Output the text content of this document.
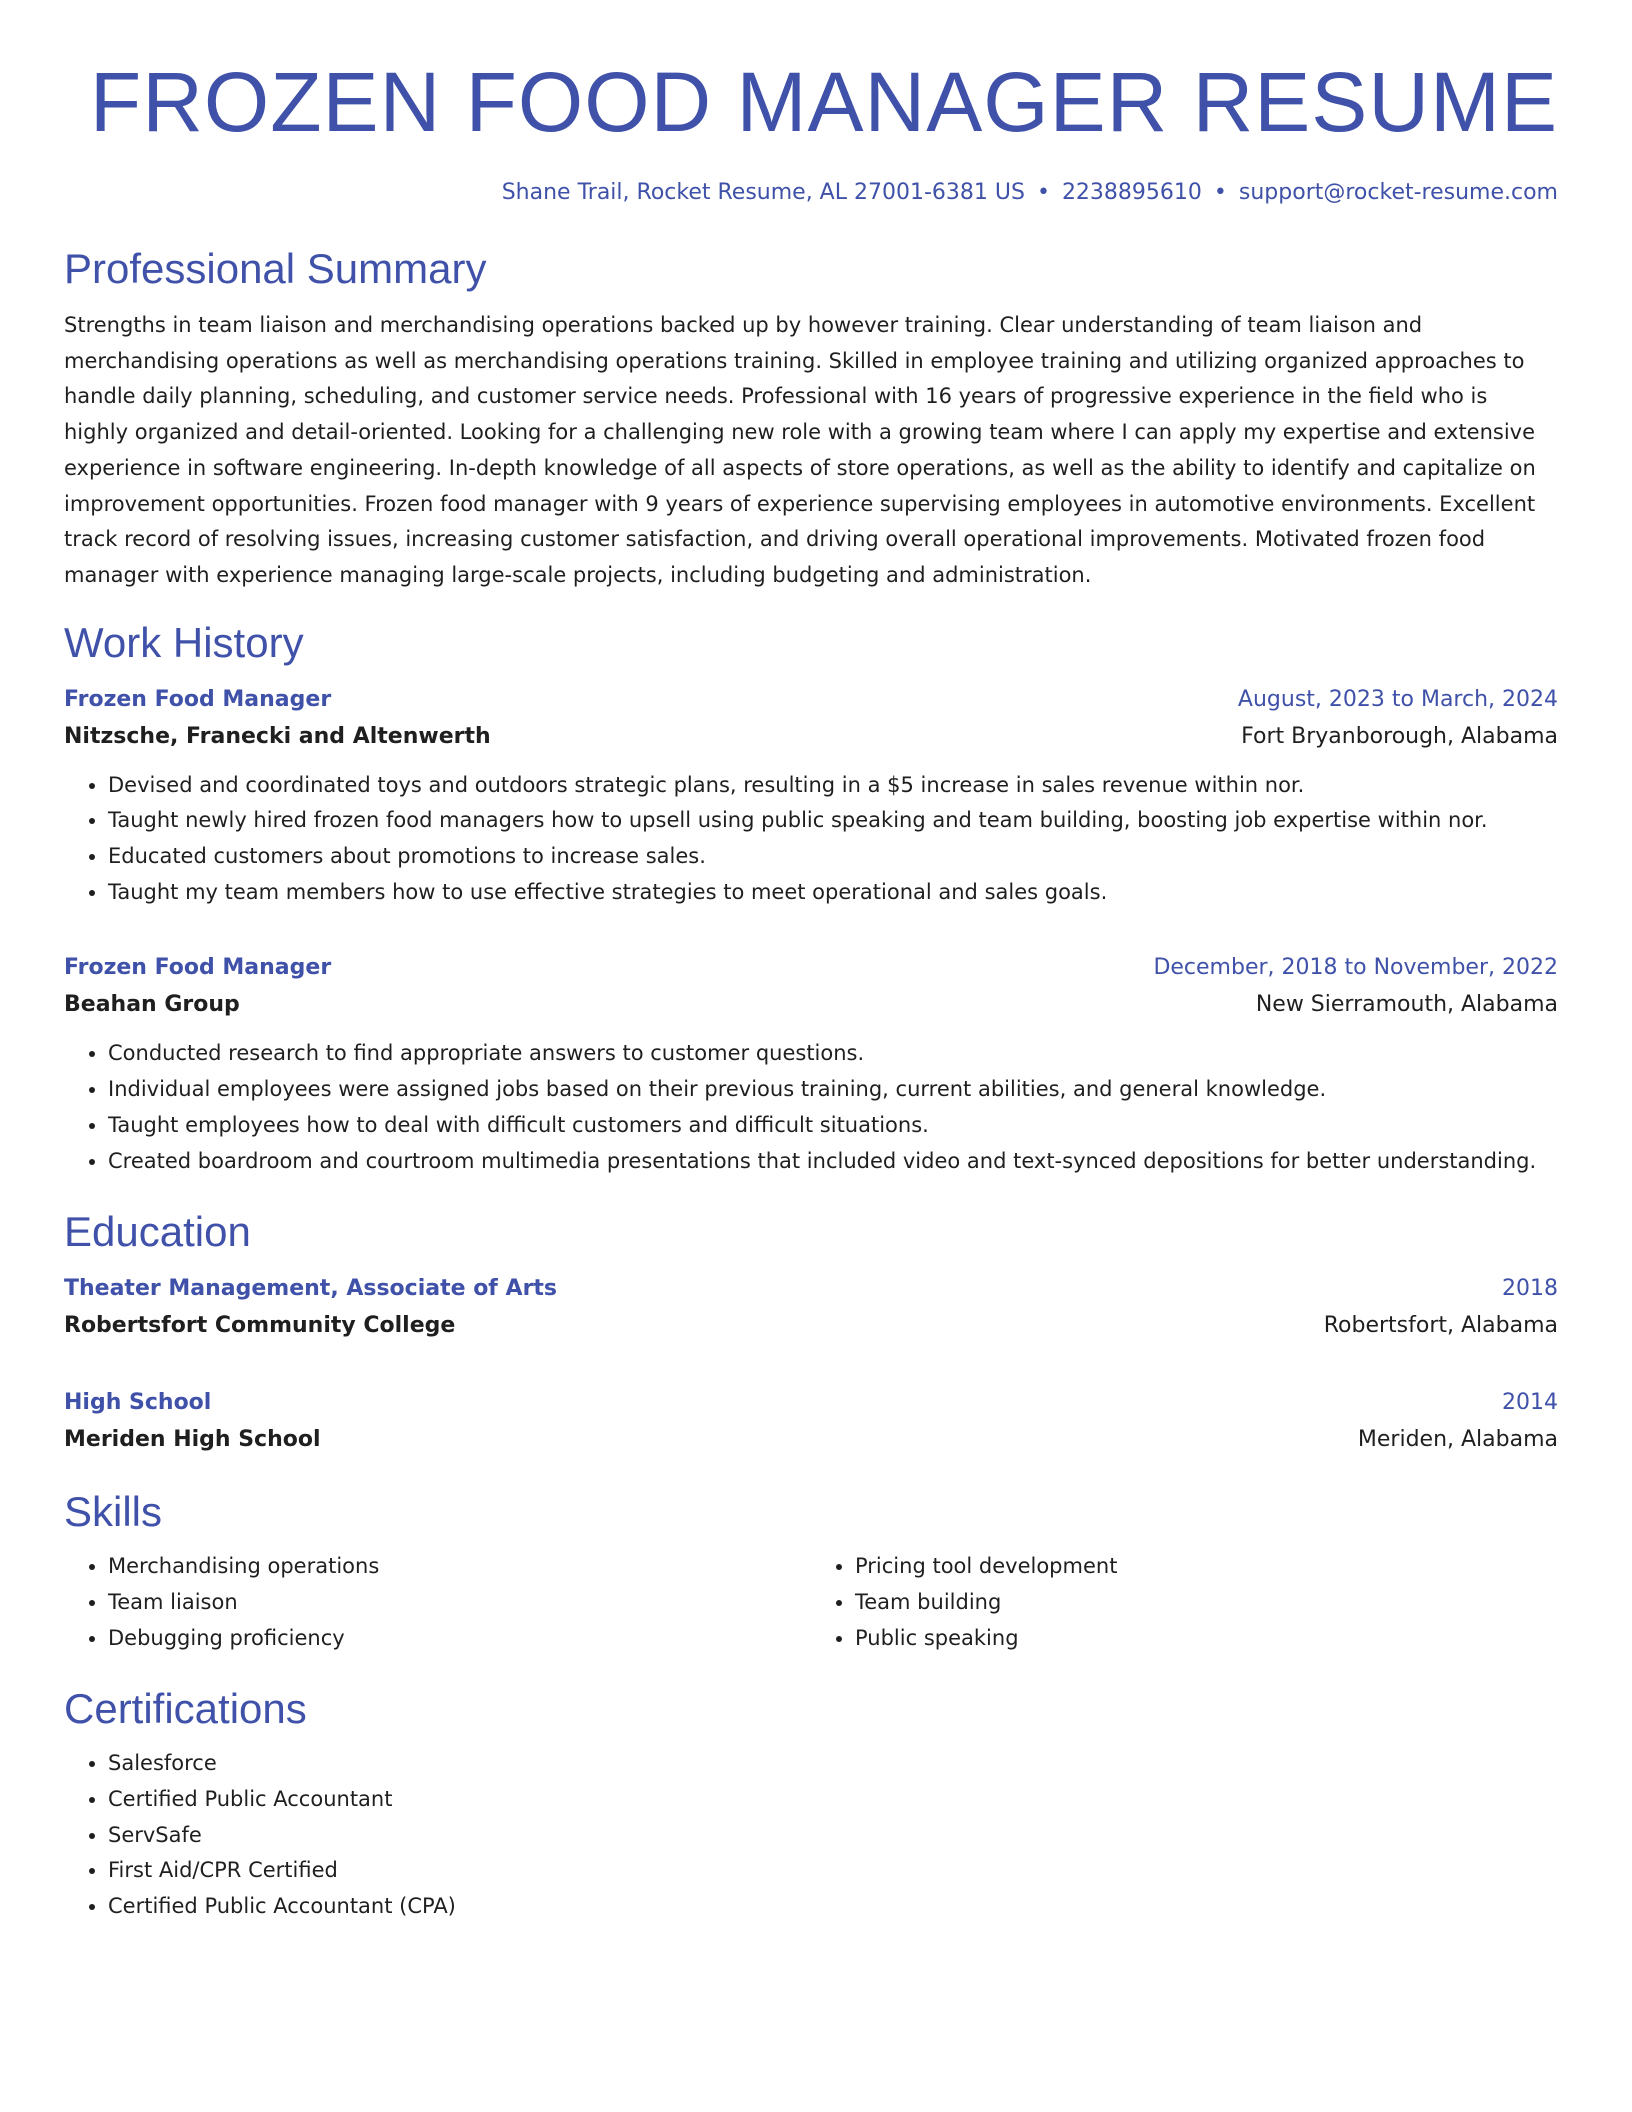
FROZEN FOOD MANAGER RESUME
Shane Trail, Rocket Resume, AL 27001-6381 US • 2238895610 • support@rocket-resume.com
Professional Summary
Strengths in team liaison and merchandising operations backed up by however training. Clear understanding of team liaison and merchandising operations as well as merchandising operations training. Skilled in employee training and utilizing organized approaches to handle daily planning, scheduling, and customer service needs. Professional with 16 years of progressive experience in the field who is highly organized and detail-oriented. Looking for a challenging new role with a growing team where I can apply my expertise and extensive experience in software engineering. In-depth knowledge of all aspects of store operations, as well as the ability to identify and capitalize on improvement opportunities. Frozen food manager with 9 years of experience supervising employees in automotive environments. Excellent track record of resolving issues, increasing customer satisfaction, and driving overall operational improvements. Motivated frozen food manager with experience managing large-scale projects, including budgeting and administration.
Work History
Frozen Food Manager	August, 2023 to March, 2024
Nitzsche, Franecki and Altenwerth	Fort Bryanborough, Alabama
• Devised and coordinated toys and outdoors strategic plans, resulting in a $5 increase in sales revenue within nor.
• Taught newly hired frozen food managers how to upsell using public speaking and team building, boosting job expertise within nor.
• Educated customers about promotions to increase sales.
• Taught my team members how to use effective strategies to meet operational and sales goals.
Frozen Food Manager	December, 2018 to November, 2022
Beahan Group	New Sierramouth, Alabama
• Conducted research to find appropriate answers to customer questions.
• Individual employees were assigned jobs based on their previous training, current abilities, and general knowledge.
• Taught employees how to deal with difficult customers and difficult situations.
• Created boardroom and courtroom multimedia presentations that included video and text-synced depositions for better understanding.
Education
Theater Management, Associate of Arts	2018
Robertsfort Community College	Robertsfort, Alabama
High School	2014
Meriden High School	Meriden, Alabama
Skills
• Merchandising operations
• Team liaison
• Debugging proficiency
• Pricing tool development
• Team building
• Public speaking
Certifications
• Salesforce
• Certified Public Accountant
• ServSafe
• First Aid/CPR Certified
• Certified Public Accountant (CPA)
